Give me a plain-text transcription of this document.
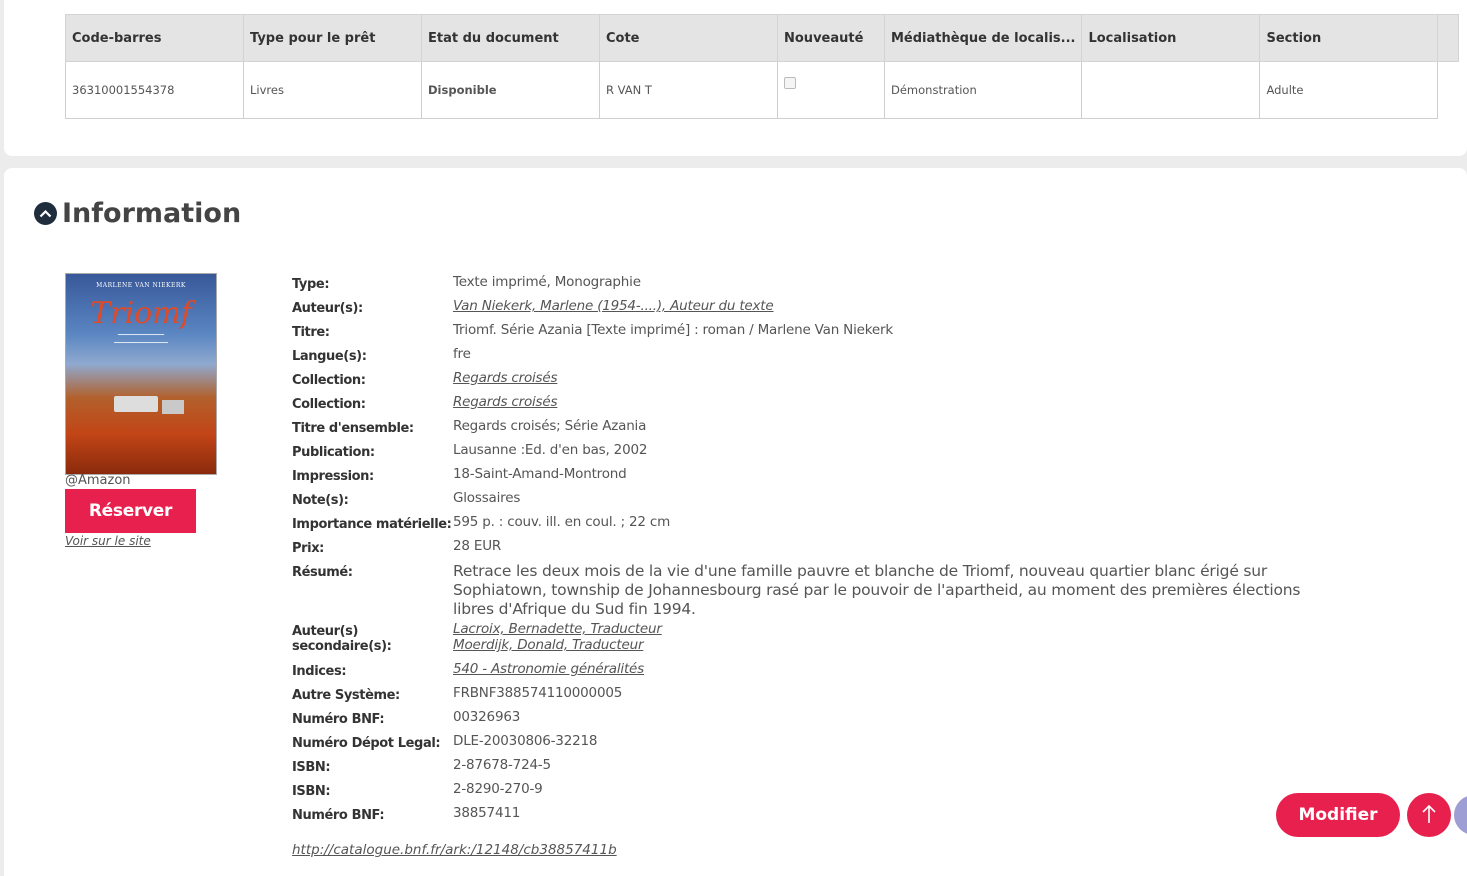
Code-barres	Type pour le prêt	Etat du document	Cote	Nouveauté	Médiathèque de localis...	Localisation	Section	
36310001554378	Livres	Disponible	R VAN T		Démonstration		Adulte	
Information
MARLENE VAN NIEKERK
Triomf
▔▔▔▔▔▔▔▔▔▔▔▔
▔▔▔▔▔▔▔▔▔▔▔▔▔▔
@Amazon
Réserver
Voir sur le site
Type:	Texte imprimé, Monographie
Auteur(s):	Van Niekerk, Marlene (1954-....), Auteur du texte
Titre:	Triomf. Série Azania [Texte imprimé] : roman / Marlene Van Niekerk
Langue(s):	fre
Collection:	Regards croisés
Collection:	Regards croisés
Titre d'ensemble:	Regards croisés; Série Azania
Publication:	Lausanne :Ed. d'en bas, 2002
Impression:	18-Saint-Amand-Montrond
Note(s):	Glossaires
Importance matérielle: 595 p. : couv. ill. en coul. ; 22 cm
Prix:	28 EUR
Résumé:	Retrace les deux mois de la vie d'une famille pauvre et blanche de Triomf, nouveau quartier blanc érigé sur Sophiatown, township de Johannesbourg rasé par le pouvoir de l'apartheid, au moment des premières élections libres d'Afrique du Sud fin 1994.
Auteur(s) secondaire(s):
Lacroix, Bernadette, Traducteur
Moerdijk, Donald, Traducteur
Indices:	540 - Astronomie généralités
Autre Système:	FRBNF388574110000005
Numéro BNF:	00326963
Numéro Dépot Legal: DLE-20030806-32218
ISBN:	2-87678-724-5
ISBN:	2-8290-270-9
Numéro BNF:	38857411
http://catalogue.bnf.fr/ark:/12148/cb38857411b
Modifier
